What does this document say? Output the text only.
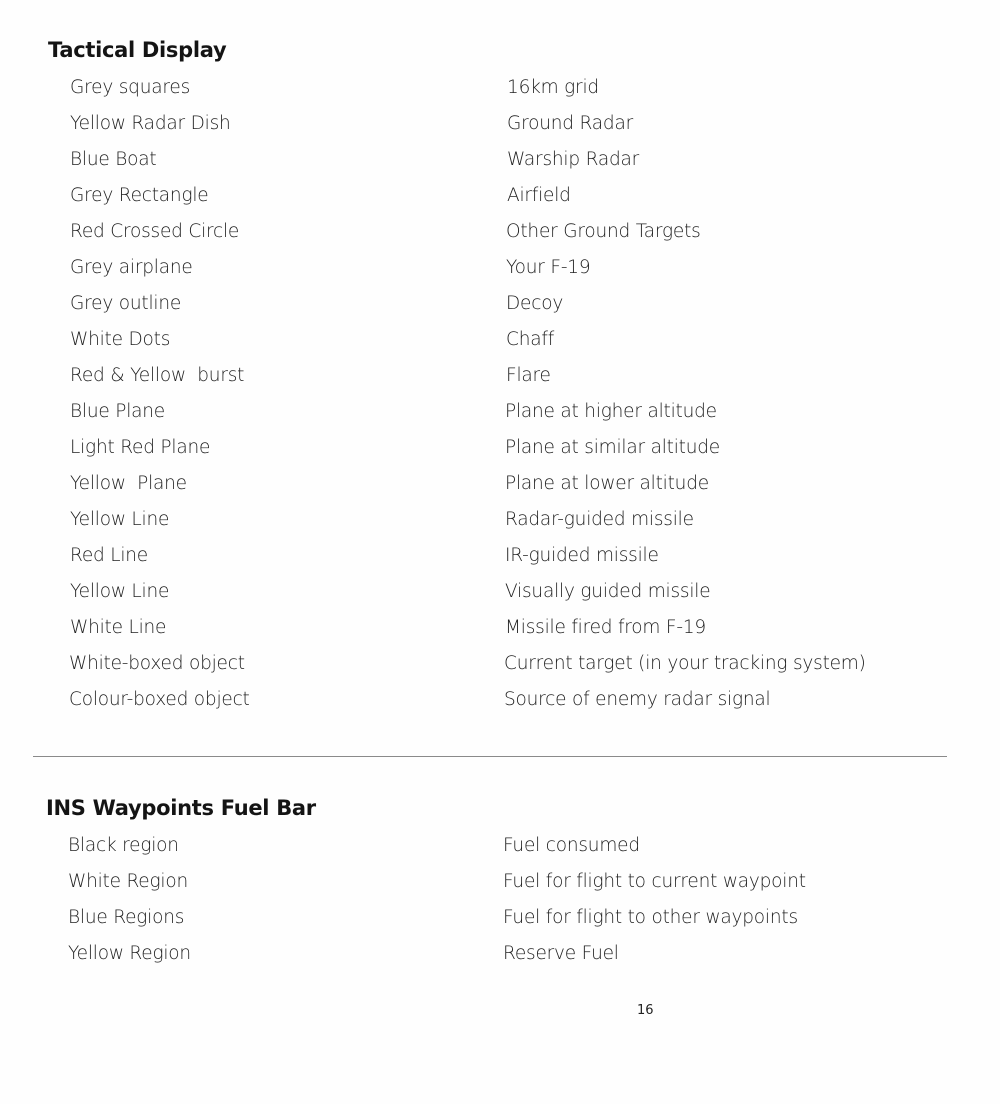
Tactical Display
Grey squares	16km grid
Yellow Radar Dish	Ground Radar
Blue Boat	Warship Radar
Grey Rectangle	Airfield
Red Crossed Circle	Other Ground Targets
Grey airplane	Your F-19
Grey outline	Decoy
White Dots	Chaff
Red & Yellow  burst	Flare
Blue Plane	Plane at higher altitude
Light Red Plane	Plane at similar altitude
Yellow  Plane	Plane at lower altitude
Yellow Line	Radar-guided missile
Red Line	IR-guided missile
Yellow Line	Visually guided missile
White Line	Missile fired from F-19
White-boxed object	Current target (in your tracking system)
Colour-boxed object	Source of enemy radar signal
INS Waypoints Fuel Bar
Black region	Fuel consumed
White Region	Fuel for flight to current waypoint
Blue Regions	Fuel for flight to other waypoints
Yellow Region	Reserve Fuel
16
